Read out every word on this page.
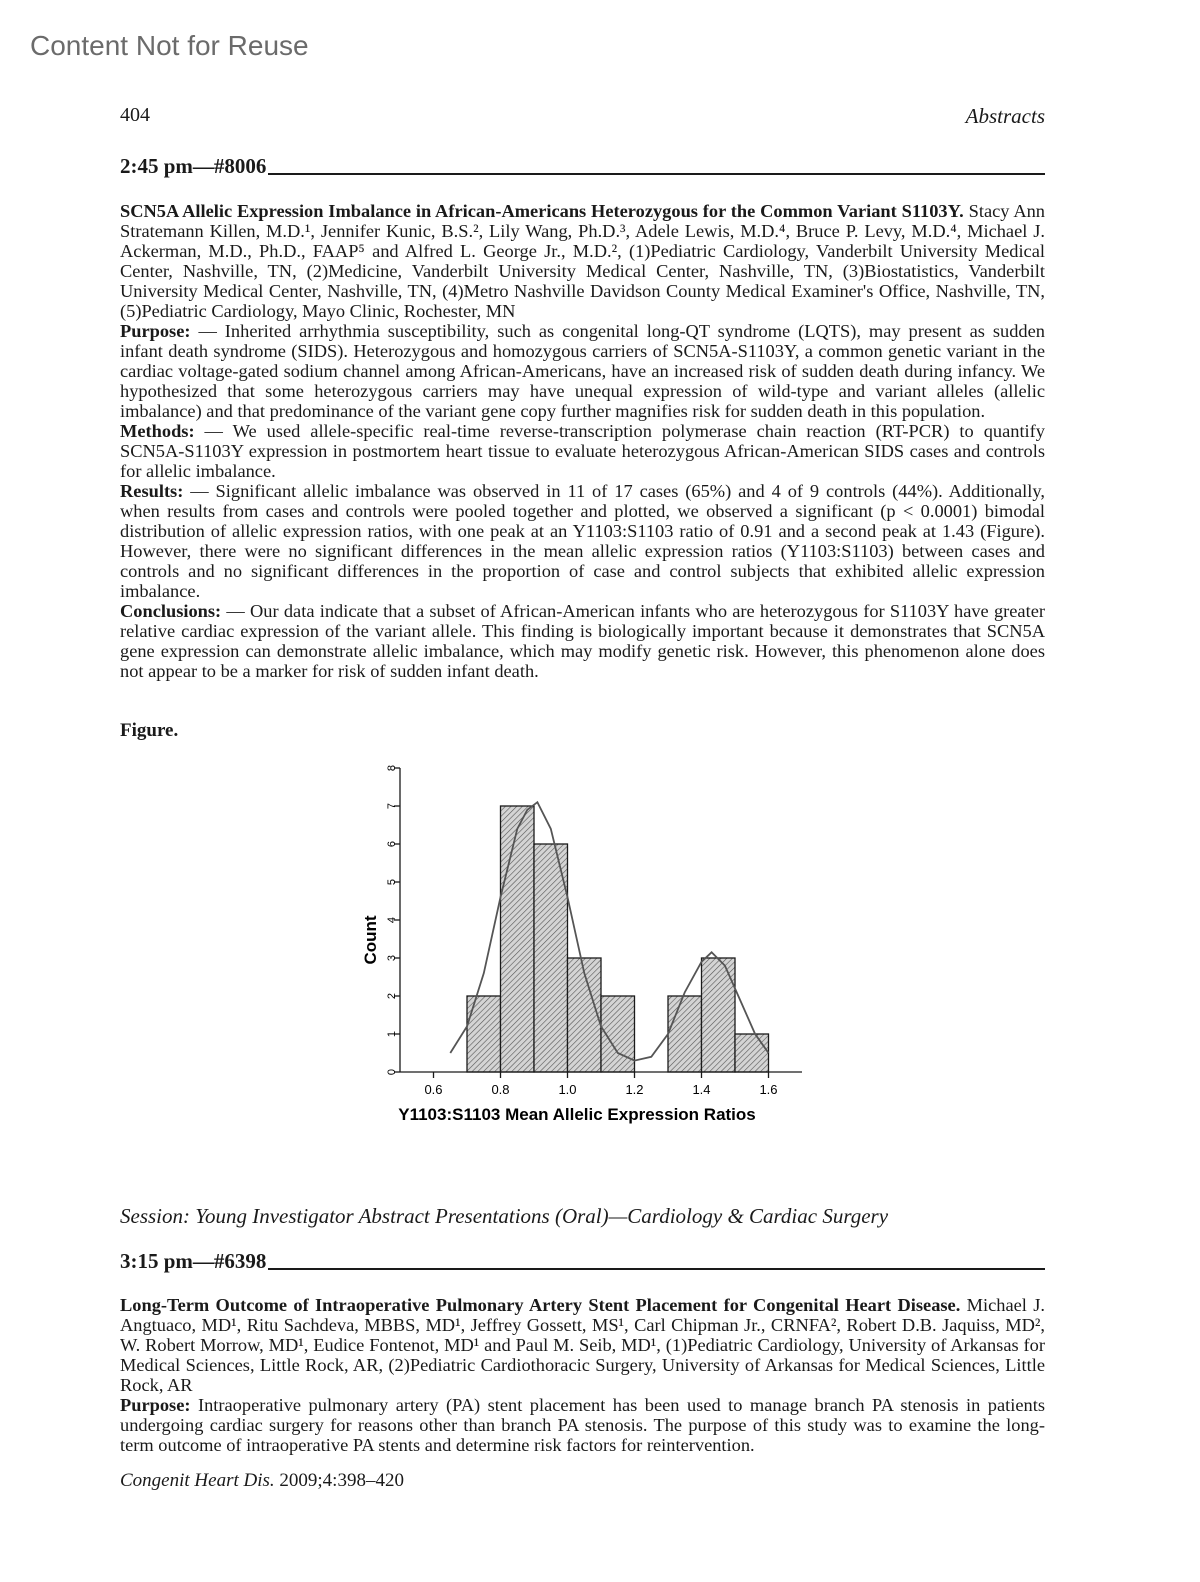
Content Not for Reuse
404	Abstracts
2:45 pm—#8006

SCN5A Allelic Expression Imbalance in African-Americans Heterozygous for the Common Variant S1103Y. Stacy Ann Stratemann Killen, M.D.¹, Jennifer Kunic, B.S.², Lily Wang, Ph.D.³, Adele Lewis, M.D.⁴, Bruce P. Levy, M.D.⁴, Michael J. Ackerman, M.D., Ph.D., FAAP⁵ and Alfred L. George Jr., M.D.², (1)Pediatric Cardiology, Vanderbilt University Medical Center, Nashville, TN, (2)Medicine, Vanderbilt University Medical Center, Nashville, TN, (3)Biostatistics, Vanderbilt University Medical Center, Nashville, TN, (4)Metro Nashville Davidson County Medical Examiner's Office, Nashville, TN, (5)Pediatric Cardiology, Mayo Clinic, Rochester, MN

Purpose: — Inherited arrhythmia susceptibility, such as congenital long-QT syndrome (LQTS), may present as sudden infant death syndrome (SIDS). Heterozygous and homozygous carriers of SCN5A-S1103Y, a common genetic variant in the cardiac voltage-gated sodium channel among African-Americans, have an increased risk of sudden death during infancy. We hypothesized that some heterozygous carriers may have unequal expression of wild-type and variant alleles (allelic imbalance) and that predominance of the variant gene copy further magnifies risk for sudden death in this population.

Methods: — We used allele-specific real-time reverse-transcription polymerase chain reaction (RT-PCR) to quantify SCN5A-S1103Y expression in postmortem heart tissue to evaluate heterozygous African-American SIDS cases and controls for allelic imbalance.

Results: — Significant allelic imbalance was observed in 11 of 17 cases (65%) and 4 of 9 controls (44%). Additionally, when results from cases and controls were pooled together and plotted, we observed a significant (p < 0.0001) bimodal distribution of allelic expression ratios, with one peak at an Y1103:S1103 ratio of 0.91 and a second peak at 1.43 (Figure). However, there were no significant differences in the mean allelic expression ratios (Y1103:S1103) between cases and controls and no significant differences in the proportion of case and control subjects that exhibited allelic expression imbalance.

Conclusions: — Our data indicate that a subset of African-American infants who are heterozygous for S1103Y have greater relative cardiac expression of the variant allele. This finding is biologically important because it demonstrates that SCN5A gene expression can demonstrate allelic imbalance, which may modify genetic risk. However, this phenomenon alone does not appear to be a marker for risk of sudden infant death.

Figure.
0
1
2
3
4
5
6
7
8
0.6	0.8	1.0	1.2	1.4	1.6
Count
Y1103:S1103 Mean Allelic Expression Ratios
Session: Young Investigator Abstract Presentations (Oral)—Cardiology & Cardiac Surgery
3:15 pm—#6398

Long-Term Outcome of Intraoperative Pulmonary Artery Stent Placement for Congenital Heart Disease. Michael J. Angtuaco, MD¹, Ritu Sachdeva, MBBS, MD¹, Jeffrey Gossett, MS¹, Carl Chipman Jr., CRNFA², Robert D.B. Jaquiss, MD², W. Robert Morrow, MD¹, Eudice Fontenot, MD¹ and Paul M. Seib, MD¹, (1)Pediatric Cardiology, University of Arkansas for Medical Sciences, Little Rock, AR, (2)Pediatric Cardiothoracic Surgery, University of Arkansas for Medical Sciences, Little Rock, AR

Purpose: Intraoperative pulmonary artery (PA) stent placement has been used to manage branch PA stenosis in patients undergoing cardiac surgery for reasons other than branch PA stenosis. The purpose of this study was to examine the long-term outcome of intraoperative PA stents and determine risk factors for reintervention.

Congenit Heart Dis. 2009;4:398–420
